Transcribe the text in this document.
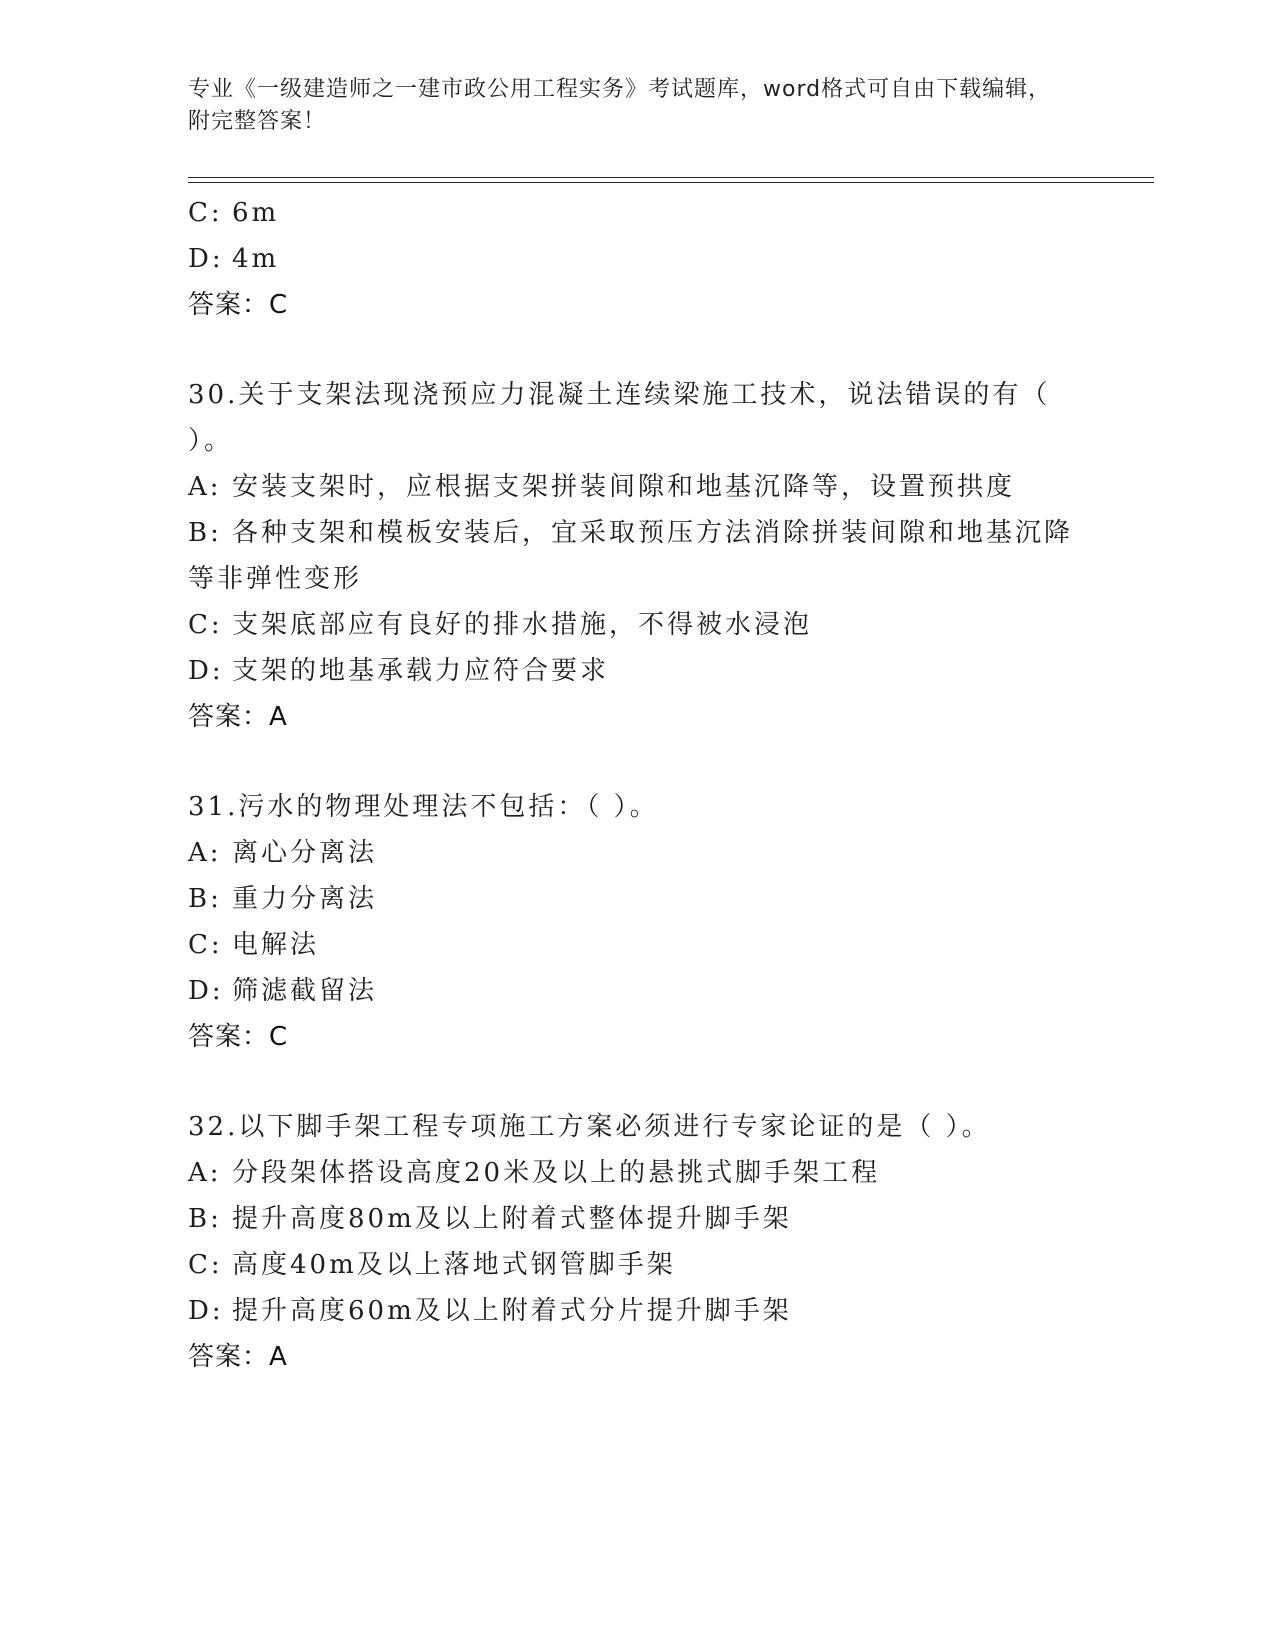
专业《一级建造师之一建市政公用工程实务》考试题库，word格式可自由下载编辑，附完整答案！
C: 6m
D: 4m
答案：C
30.关于支架法现浇预应力混凝土连续梁施工技术，说法错误的有（
）。
A: 安装支架时，应根据支架拼装间隙和地基沉降等，设置预拱度
B: 各种支架和模板安装后，宜采取预压方法消除拼装间隙和地基沉降
等非弹性变形
C: 支架底部应有良好的排水措施，不得被水浸泡
D: 支架的地基承载力应符合要求
答案：A
31.污水的物理处理法不包括：（ ）。
A: 离心分离法
B: 重力分离法
C: 电解法
D: 筛滤截留法
答案：C
32.以下脚手架工程专项施工方案必须进行专家论证的是（ ）。
A: 分段架体搭设高度20米及以上的悬挑式脚手架工程
B: 提升高度80m及以上附着式整体提升脚手架
C: 高度40m及以上落地式钢管脚手架
D: 提升高度60m及以上附着式分片提升脚手架
答案：A
